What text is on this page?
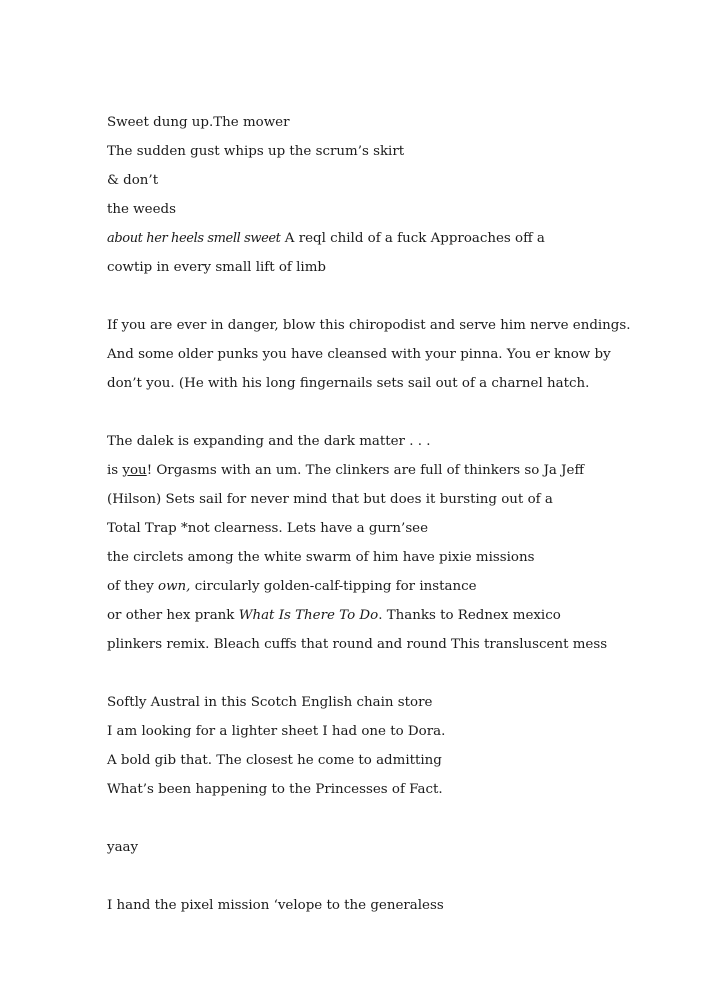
Sweet dung up.The mower
The sudden gust whips up the scrum’s skirt
& don’t
the weeds
about her heels smell sweet A reql child of a fuck Approaches off a
cowtip in every small lift of limb
If you are ever in danger, blow this chiropodist and serve him nerve endings.
And some older punks you have cleansed with your pinna. You er know by
don’t you. (He with his long fingernails sets sail out of a charnel hatch.
The dalek is expanding and the dark matter . . .
is you! Orgasms with an um. The clinkers are full of thinkers so Ja Jeff
(Hilson) Sets sail for never mind that but does it bursting out of a
Total Trap *not clearness. Lets have a gurn’see
the circlets among the white swarm of him have pixie missions
of they own, circularly golden-calf-tipping for instance
or other hex prank What Is There To Do. Thanks to Rednex mexico
plinkers remix. Bleach cuffs that round and round This transluscent mess
Softly Austral in this Scotch English chain store
I am looking for a lighter sheet I had one to Dora.
A bold gib that. The closest he come to admitting
What’s been happening to the Princesses of Fact.
yaay
I hand the pixel mission ‘velope to the generaless
